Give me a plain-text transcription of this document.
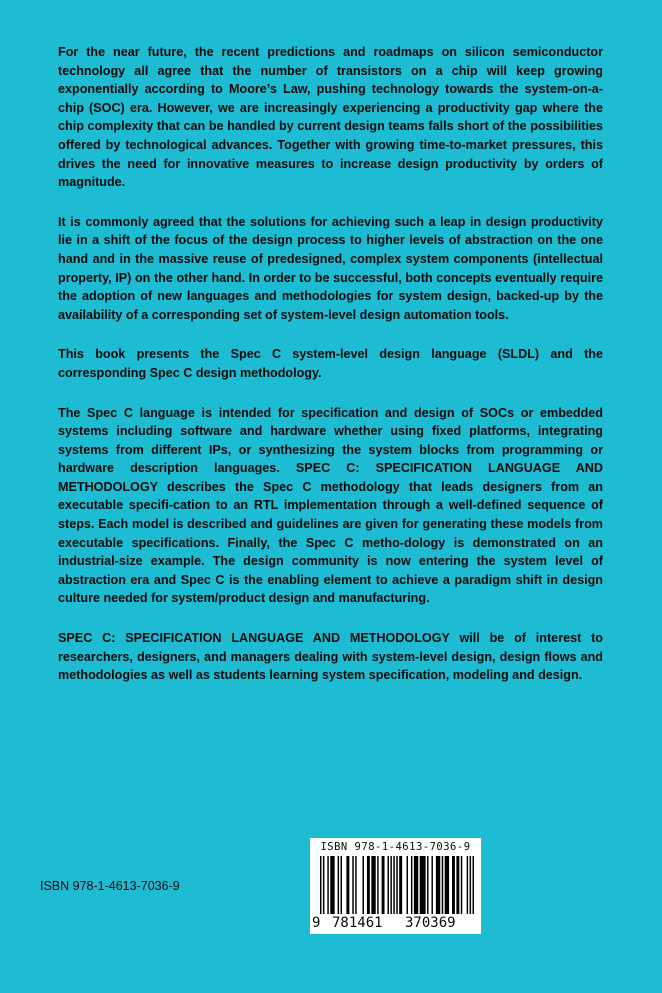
For the near future, the recent predictions and roadmaps on silicon semiconductor technology all agree that the number of transistors on a chip will keep growing exponentially according to Moore’s Law, pushing technology towards the system-on-a-chip (SOC) era. However, we are increasingly experiencing a productivity gap where the chip complexity that can be handled by current design teams falls short of the possibilities offered by technological advances. Together with growing time-to-market pressures, this drives the need for innovative measures to increase design productivity by orders of magnitude.

It is commonly agreed that the solutions for achieving such a leap in design productivity lie in a shift of the focus of the design process to higher levels of abstraction on the one hand and in the massive reuse of predesigned, complex system components (intellectual property, IP) on the other hand. In order to be successful, both concepts eventually require the adoption of new languages and methodologies for system design, backed-up by the availability of a corresponding set of system-level design automation tools.

This book presents the Spec C system-level design language (SLDL) and the corresponding Spec C design methodology.

The Spec C language is intended for specification and design of SOCs or embedded systems including software and hardware whether using fixed platforms, integrating systems from different IPs, or synthesizing the system blocks from programming or hardware description languages. SPEC C: SPECIFICATION LANGUAGE AND METHODOLOGY describes the Spec C methodology that leads designers from an executable specifi-cation to an RTL implementation through a well-defined sequence of steps. Each model is described and guidelines are given for generating these models from executable specifications. Finally, the Spec C metho-dology is demonstrated on an industrial-size example. The design community is now entering the system level of abstraction era and Spec C is the enabling element to achieve a paradigm shift in design culture needed for system/product design and manufacturing.

SPEC C: SPECIFICATION LANGUAGE AND METHODOLOGY will be of interest to researchers, designers, and managers dealing with system-level design, design flows and methodologies as well as students learning system specification, modeling and design.

ISBN 978-1-4613-7036-9
ISBN 978-1-4613-7036-9
9 781461 370369
